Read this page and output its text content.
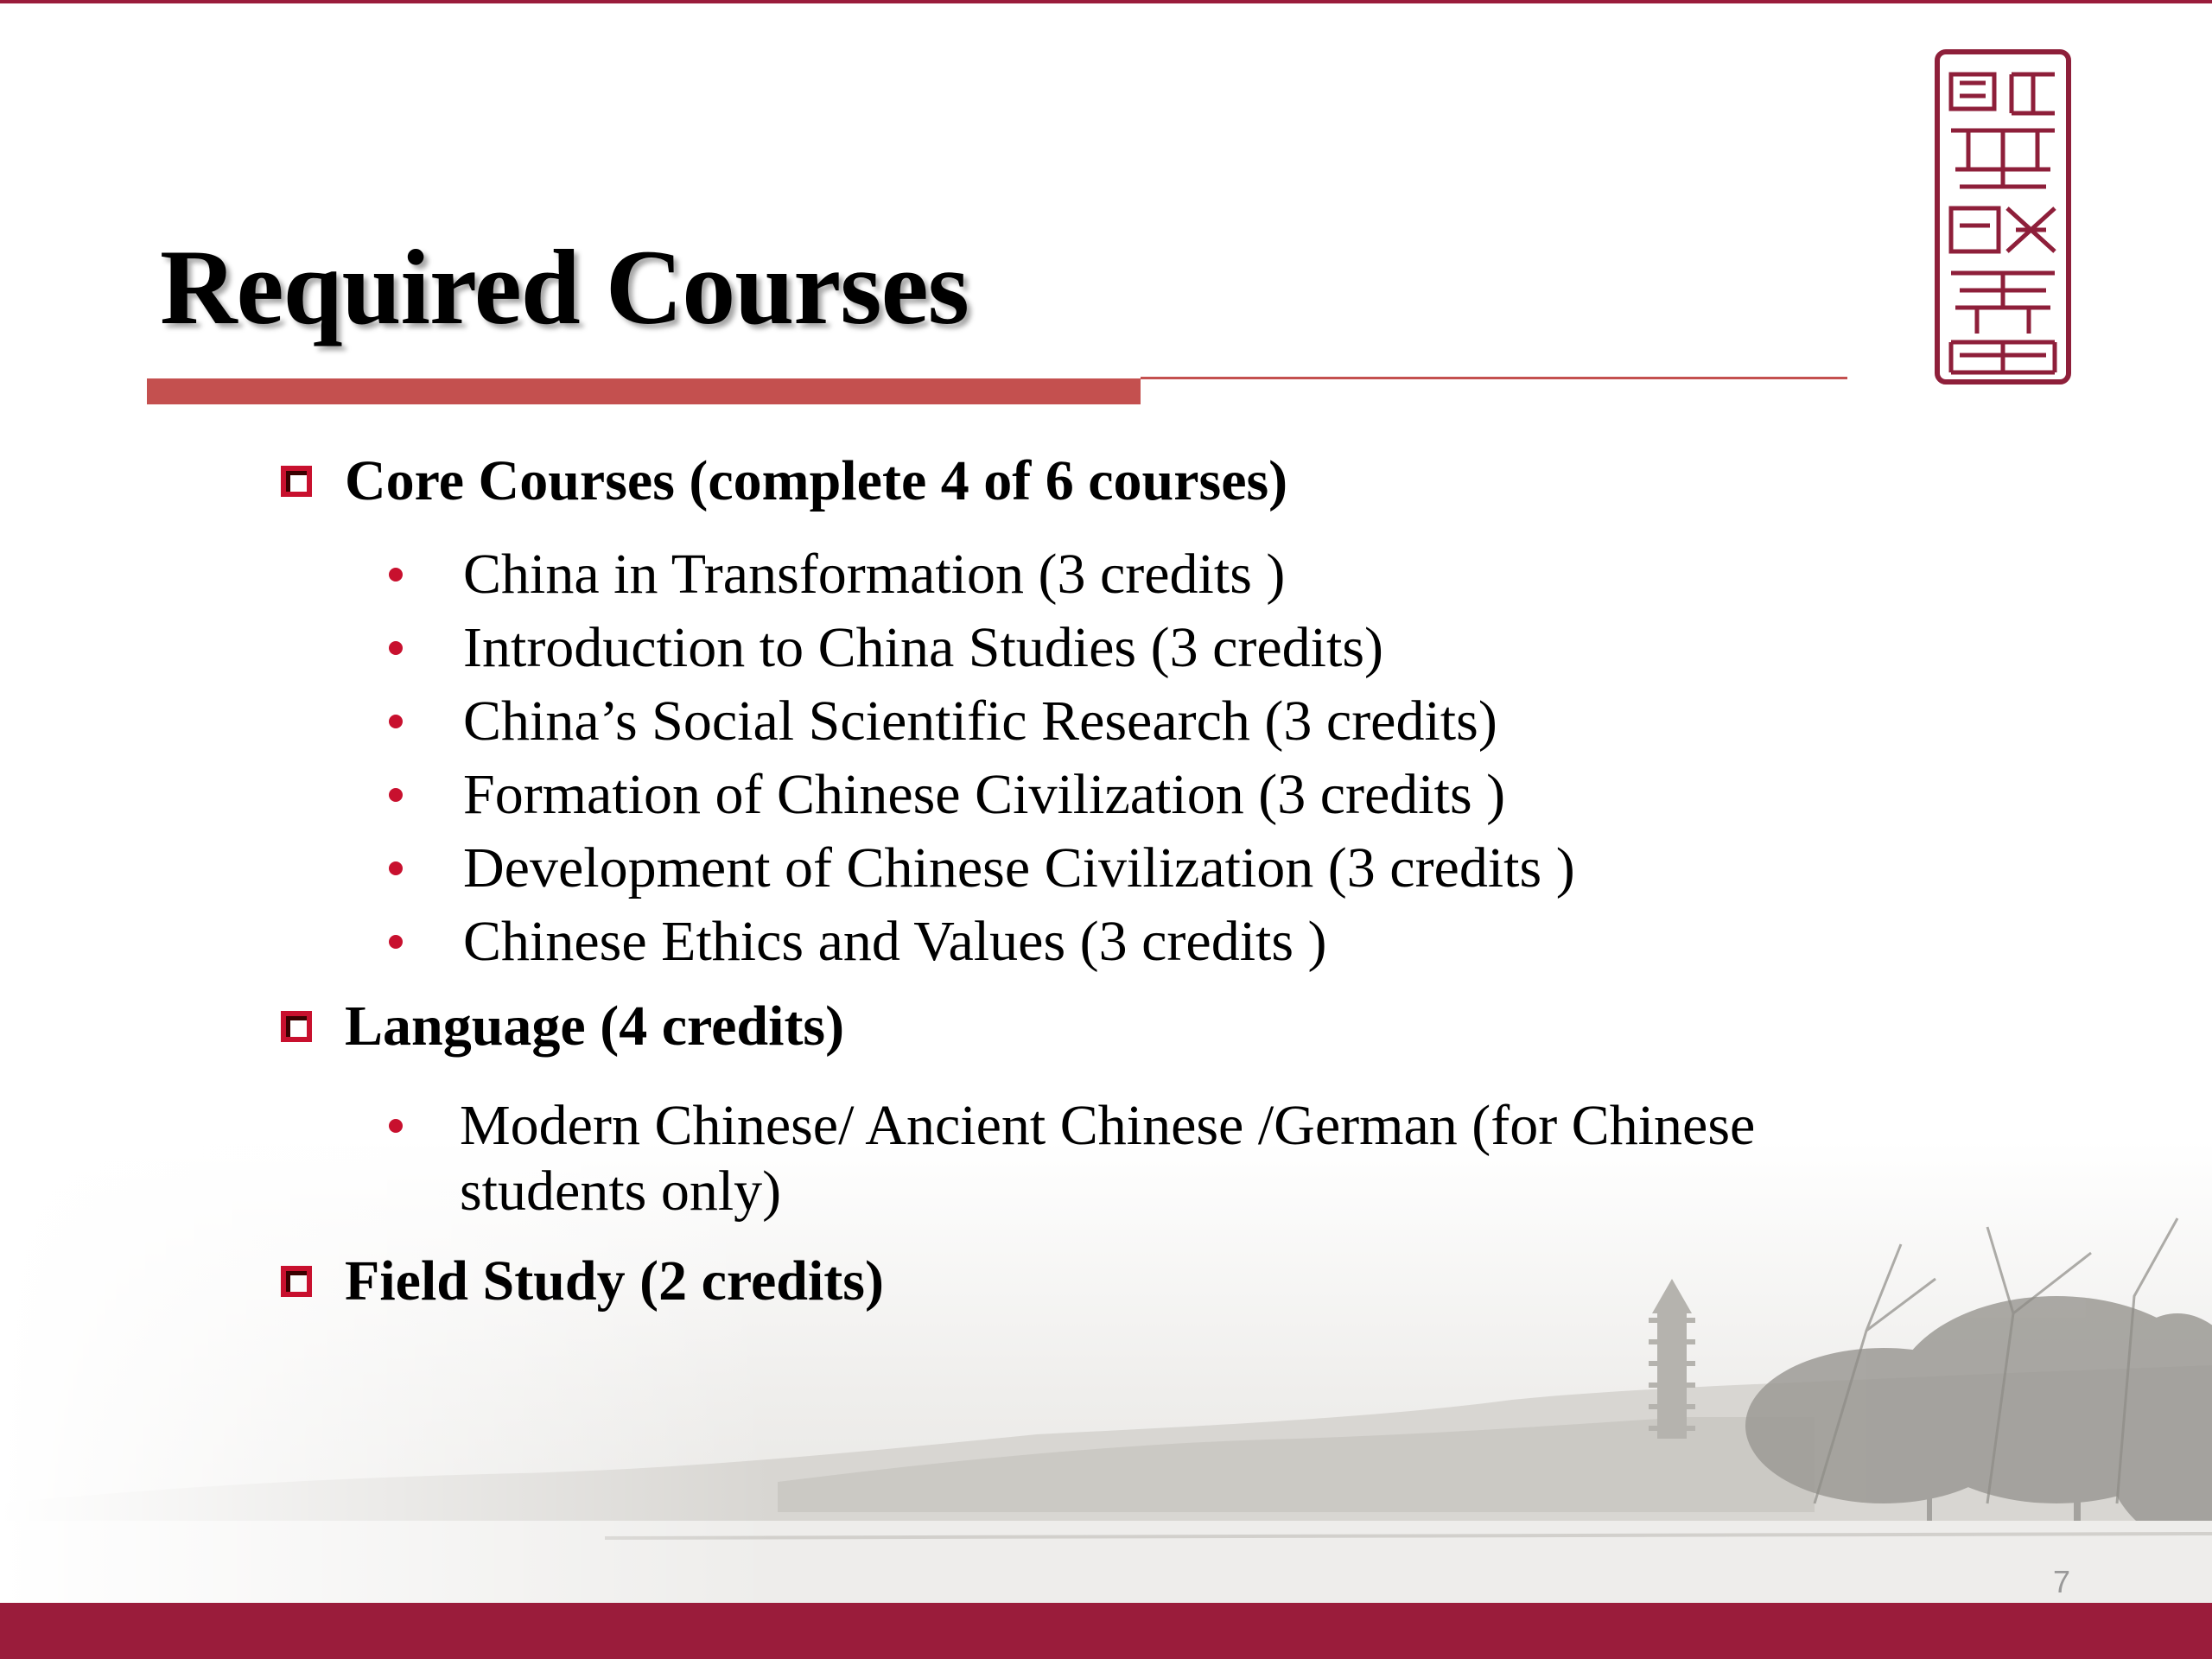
Required Courses
Core Courses (complete 4 of 6 courses)
China in Transformation (3 credits )
Introduction to China Studies (3 credits)
China’s Social Scientific Research (3 credits)
Formation of Chinese Civilization (3 credits )
Development of Chinese Civilization (3 credits )
Chinese Ethics and Values (3 credits )
Language (4 credits)
Modern Chinese/ Ancient Chinese /German (for Chinese students only)
Field Study (2 credits)
7
